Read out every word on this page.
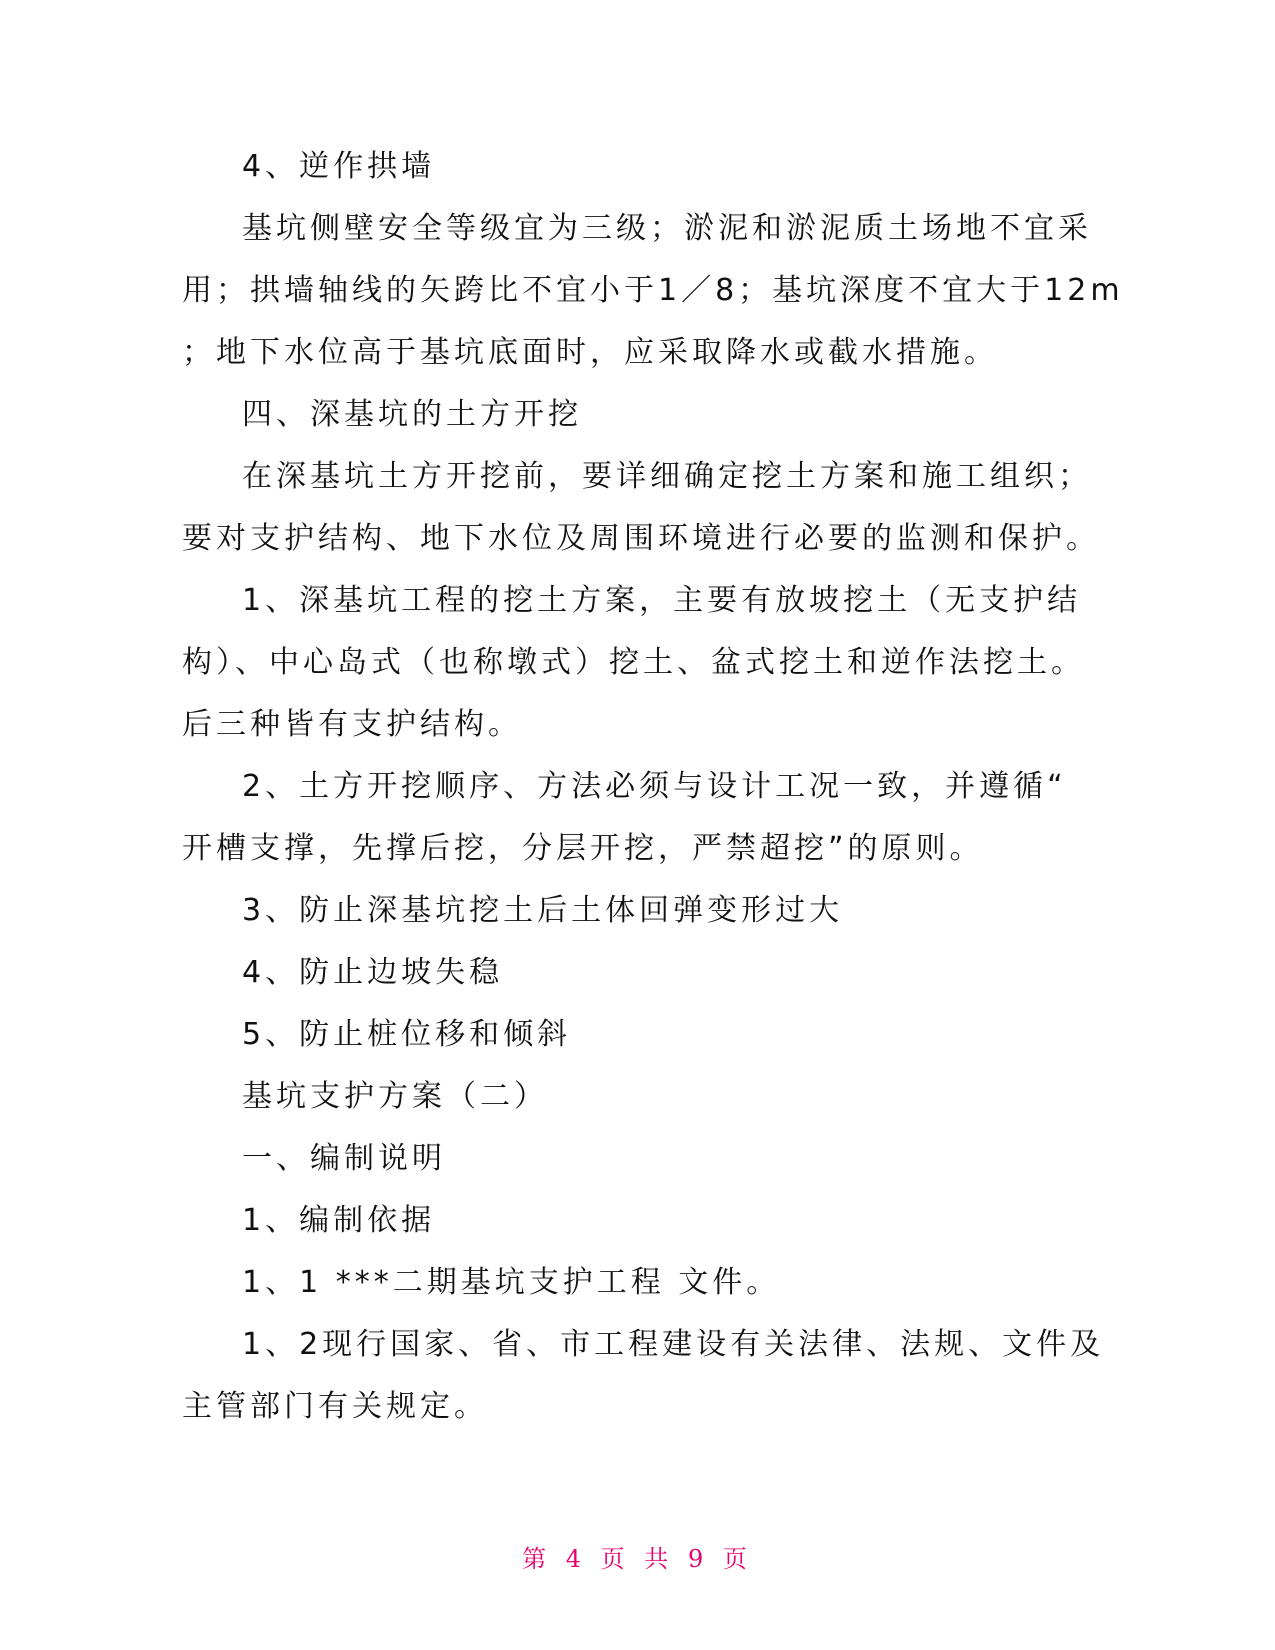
4、逆作拱墙

基坑侧壁安全等级宜为三级；淤泥和淤泥质土场地不宜采

用；拱墙轴线的矢跨比不宜小于1／8；基坑深度不宜大于12m

；地下水位高于基坑底面时，应采取降水或截水措施。

四、深基坑的土方开挖

在深基坑土方开挖前，要详细确定挖土方案和施工组织；

要对支护结构、地下水位及周围环境进行必要的监测和保护。

1、深基坑工程的挖土方案，主要有放坡挖土（无支护结

构）、中心岛式（也称墩式）挖土、盆式挖土和逆作法挖土。

后三种皆有支护结构。

2、土方开挖顺序、方法必须与设计工况一致，并遵循“

开槽支撑，先撑后挖，分层开挖，严禁超挖”的原则。

3、防止深基坑挖土后土体回弹变形过大

4、防止边坡失稳

5、防止桩位移和倾斜

基坑支护方案（二）

一、编制说明

1、编制依据

1、1 ***二期基坑支护工程 文件。

1、2现行国家、省、市工程建设有关法律、法规、文件及

主管部门有关规定。

第 4 页 共 9 页
